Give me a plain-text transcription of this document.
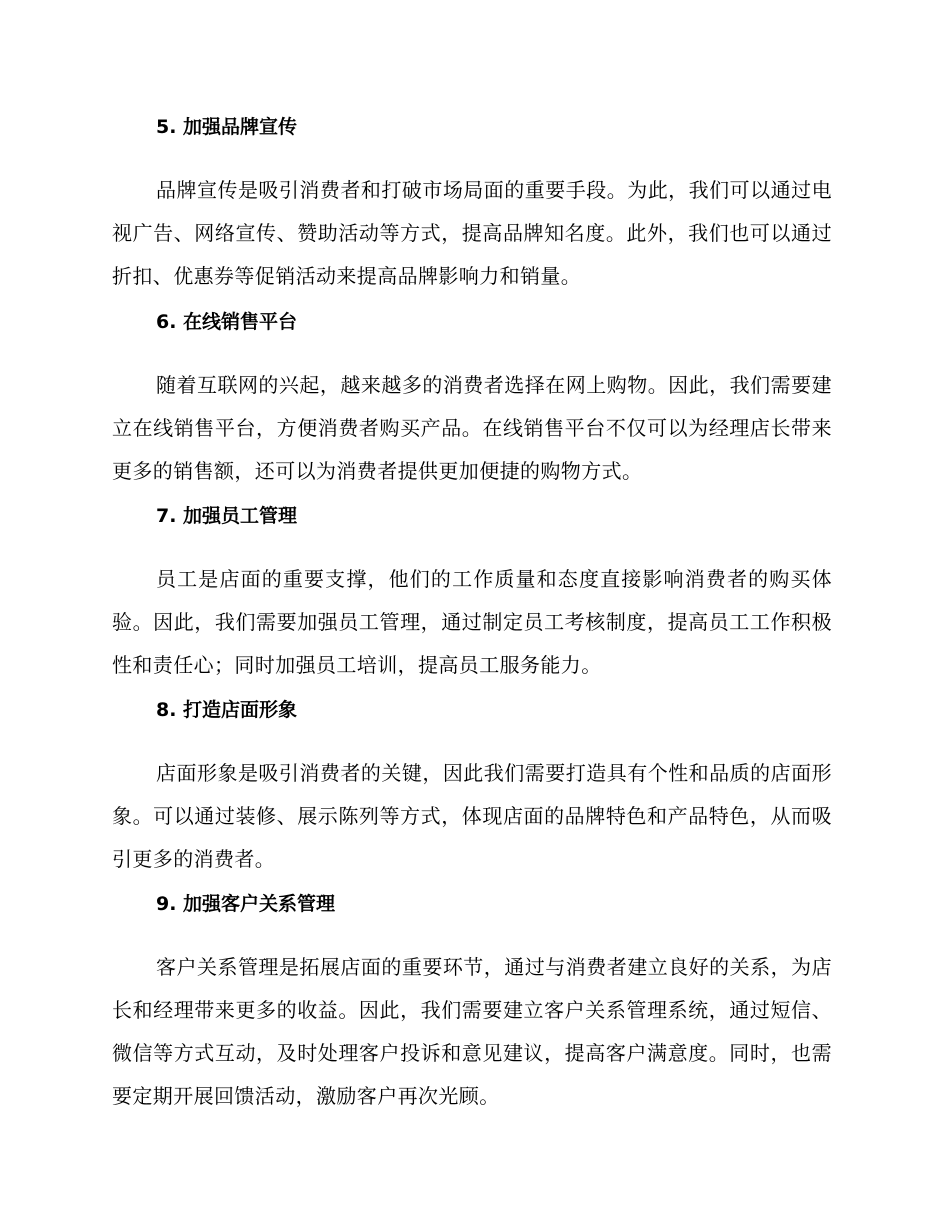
5. 加强品牌宣传

品牌宣传是吸引消费者和打破市场局面的重要手段。为此，我们可以通过电视广告、网络宣传、赞助活动等方式，提高品牌知名度。此外，我们也可以通过折扣、优惠券等促销活动来提高品牌影响力和销量。

6. 在线销售平台

随着互联网的兴起，越来越多的消费者选择在网上购物。因此，我们需要建立在线销售平台，方便消费者购买产品。在线销售平台不仅可以为经理店长带来更多的销售额，还可以为消费者提供更加便捷的购物方式。

7. 加强员工管理

员工是店面的重要支撑，他们的工作质量和态度直接影响消费者的购买体验。因此，我们需要加强员工管理，通过制定员工考核制度，提高员工工作积极性和责任心；同时加强员工培训，提高员工服务能力。

8. 打造店面形象

店面形象是吸引消费者的关键，因此我们需要打造具有个性和品质的店面形象。可以通过装修、展示陈列等方式，体现店面的品牌特色和产品特色，从而吸引更多的消费者。

9. 加强客户关系管理

客户关系管理是拓展店面的重要环节，通过与消费者建立良好的关系，为店长和经理带来更多的收益。因此，我们需要建立客户关系管理系统，通过短信、微信等方式互动，及时处理客户投诉和意见建议，提高客户满意度。同时，也需要定期开展回馈活动，激励客户再次光顾。
